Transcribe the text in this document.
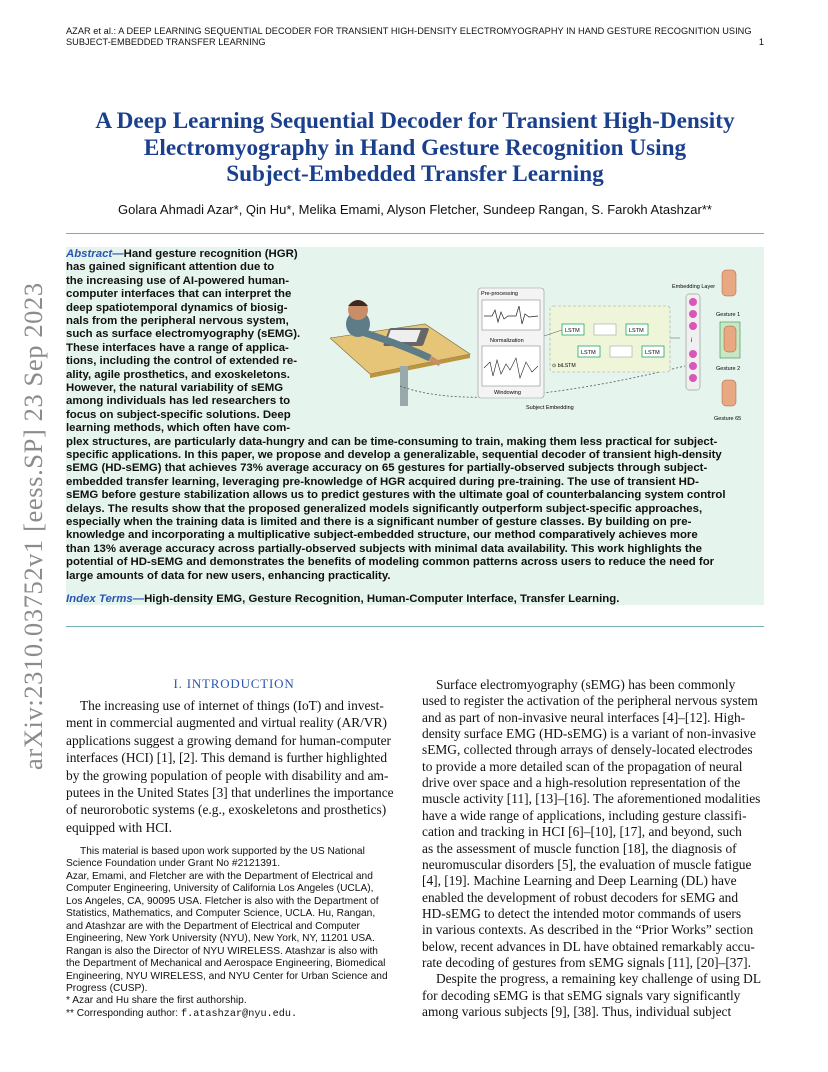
AZAR et al.: A DEEP LEARNING SEQUENTIAL DECODER FOR TRANSIENT HIGH-DENSITY ELECTROMYOGRAPHY IN HAND GESTURE RECOGNITION USING
SUBJECT-EMBEDDED TRANSFER LEARNING	1
arXiv:2310.03752v1 [eess.SP] 23 Sep 2023
A Deep Learning Sequential Decoder for Transient High-Density
Electromyography in Hand Gesture Recognition Using
Subject-Embedded Transfer Learning
Golara Ahmadi Azar*, Qin Hu*, Melika Emami, Alyson Fletcher, Sundeep Rangan, S. Farokh Atashzar**
Abstract—Hand gesture recognition (HGR)
has gained significant attention due to
the increasing use of AI-powered human-
computer interfaces that can interpret the
deep spatiotemporal dynamics of biosig-
nals from the peripheral nervous system,
such as surface electromyography (sEMG).
These interfaces have a range of applica-
tions, including the control of extended re-
ality, agile prosthetics, and exoskeletons.
However, the natural variability of sEMG
among individuals has led researchers to
focus on subject-specific solutions. Deep
learning methods, which often have com-
plex structures, are particularly data-hungry and can be time-consuming to train, making them less practical for subject-
specific applications. In this paper, we propose and develop a generalizable, sequential decoder of transient high-density
sEMG (HD-sEMG) that achieves 73% average accuracy on 65 gestures for partially-observed subjects through subject-
embedded transfer learning, leveraging pre-knowledge of HGR acquired during pre-training. The use of transient HD-
sEMG before gesture stabilization allows us to predict gestures with the ultimate goal of counterbalancing system control
delays. The results show that the proposed generalized models significantly outperform subject-specific approaches,
especially when the training data is limited and there is a significant number of gesture classes. By building on pre-
knowledge and incorporating a multiplicative subject-embedded structure, our method comparatively achieves more
than 13% average accuracy across partially-observed subjects with minimal data availability. This work highlights the
potential of HD-sEMG and demonstrates the benefits of modeling common patterns across users to reduce the need for
large amounts of data for new users, enhancing practicality.
Index Terms—High-density EMG, Gesture Recognition, Human-Computer Interface, Transfer Learning.
Subject Embedding
Pre-processing
Normalization
Windowing
LSTM	LSTM
LSTM	LSTM
⊙ biLSTM
Embedding Layer
i
Gesture 1
Gesture 2
Gesture 65
I. INTRODUCTION
The increasing use of internet of things (IoT) and invest-
ment in commercial augmented and virtual reality (AR/VR)
applications suggest a growing demand for human-computer
interfaces (HCI) [1], [2]. This demand is further highlighted
by the growing population of people with disability and am-
putees in the United States [3] that underlines the importance
of neurorobotic systems (e.g., exoskeletons and prosthetics)
equipped with HCI.
This material is based upon work supported by the US National
Science Foundation under Grant No #2121391.
Azar, Emami, and Fletcher are with the Department of Electrical and
Computer Engineering, University of California Los Angeles (UCLA),
Los Angeles, CA, 90095 USA. Fletcher is also with the Department of
Statistics, Mathematics, and Computer Science, UCLA. Hu, Rangan,
and Atashzar are with the Department of Electrical and Computer
Engineering, New York University (NYU), New York, NY, 11201 USA.
Rangan is also the Director of NYU WIRELESS. Atashzar is also with
the Department of Mechanical and Aerospace Engineering, Biomedical
Engineering, NYU WIRELESS, and NYU Center for Urban Science and
Progress (CUSP).
* Azar and Hu share the first authorship.
** Corresponding author: f.atashzar@nyu.edu.
Surface electromyography (sEMG) has been commonly
used to register the activation of the peripheral nervous system
and as part of non-invasive neural interfaces [4]–[12]. High-
density surface EMG (HD-sEMG) is a variant of non-invasive
sEMG, collected through arrays of densely-located electrodes
to provide a more detailed scan of the propagation of neural
drive over space and a high-resolution representation of the
muscle activity [11], [13]–[16]. The aforementioned modalities
have a wide range of applications, including gesture classifi-
cation and tracking in HCI [6]–[10], [17], and beyond, such
as the assessment of muscle function [18], the diagnosis of
neuromuscular disorders [5], the evaluation of muscle fatigue
[4], [19]. Machine Learning and Deep Learning (DL) have
enabled the development of robust decoders for sEMG and
HD-sEMG to detect the intended motor commands of users
in various contexts. As described in the “Prior Works” section
below, recent advances in DL have obtained remarkably accu-
rate decoding of gestures from sEMG signals [11], [20]–[37].
Despite the progress, a remaining key challenge of using DL
for decoding sEMG is that sEMG signals vary significantly
among various subjects [9], [38]. Thus, individual subject
